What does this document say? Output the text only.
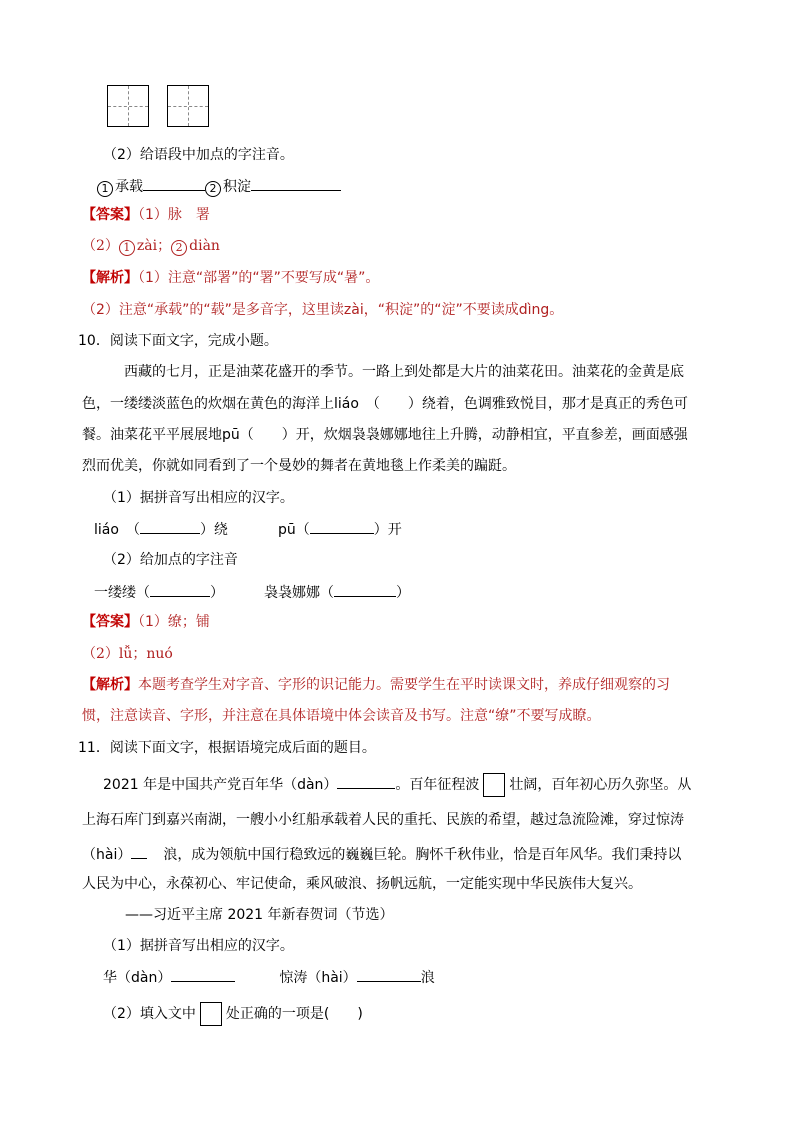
（2）给语段中加点的字注音。
1 承载	2 积淀
【答案】（1）脉　署
（2） 1 zài； 2 diàn
【解析】（1）注意“部署”的“署”不要写成“暑”。
（2）注意“承载”的“载”是多音字，这里读zài，“积淀”的“淀”不要读成dìng。
10．阅读下面文字，完成小题。
西藏的七月，正是油菜花盛开的季节。一路上到处都是大片的油菜花田。油菜花的金黄是底
色，一缕缕淡蓝色的炊烟在黄色的海洋上liáo　（　　）绕着，色调雅致悦目，那才是真正的秀色可
餐。油菜花平平展展地pū（　　）开，炊烟袅袅娜娜地往上升腾，动静相宜，平直参差，画面感强
烈而优美，你就如同看到了一个曼妙的舞者在黄地毯上作柔美的蹁跹。
（1）据拼音写出相应的汉字。
liáo　 （	）绕	pū（	）开
（2）给加点的字注音
一缕缕（	）	袅袅娜娜（	）
【答案】（1）缭；铺
（2）lǚ；nuó
【解析】本题考查学生对字音、字形的识记能力。需要学生在平时读课文时，养成仔细观察的习
惯，注意读音、字形，并注意在具体语境中体会读音及书写。注意“缭”不要写成瞭。
11．阅读下面文字，根据语境完成后面的题目。
2021 年是中国共产党百年华（dàn）	。百年征程波 壮阔，百年初心历久弥坚。从
上海石库门到嘉兴南湖，一艘小小红船承载着人民的重托、民族的希望，越过急流险滩，穿过惊涛
（hài） 浪，成为领航中国行稳致远的巍巍巨轮。胸怀千秋伟业，恰是百年风华。我们秉持以
人民为中心，永葆初心、牢记使命，乘风破浪、扬帆远航，一定能实现中华民族伟大复兴。
——习近平主席 2021 年新春贺词（节选）
（1）据拼音写出相应的汉字。
华（dàn）	惊涛（hài）	浪
（2）填入文中 处正确的一项是(　　)
